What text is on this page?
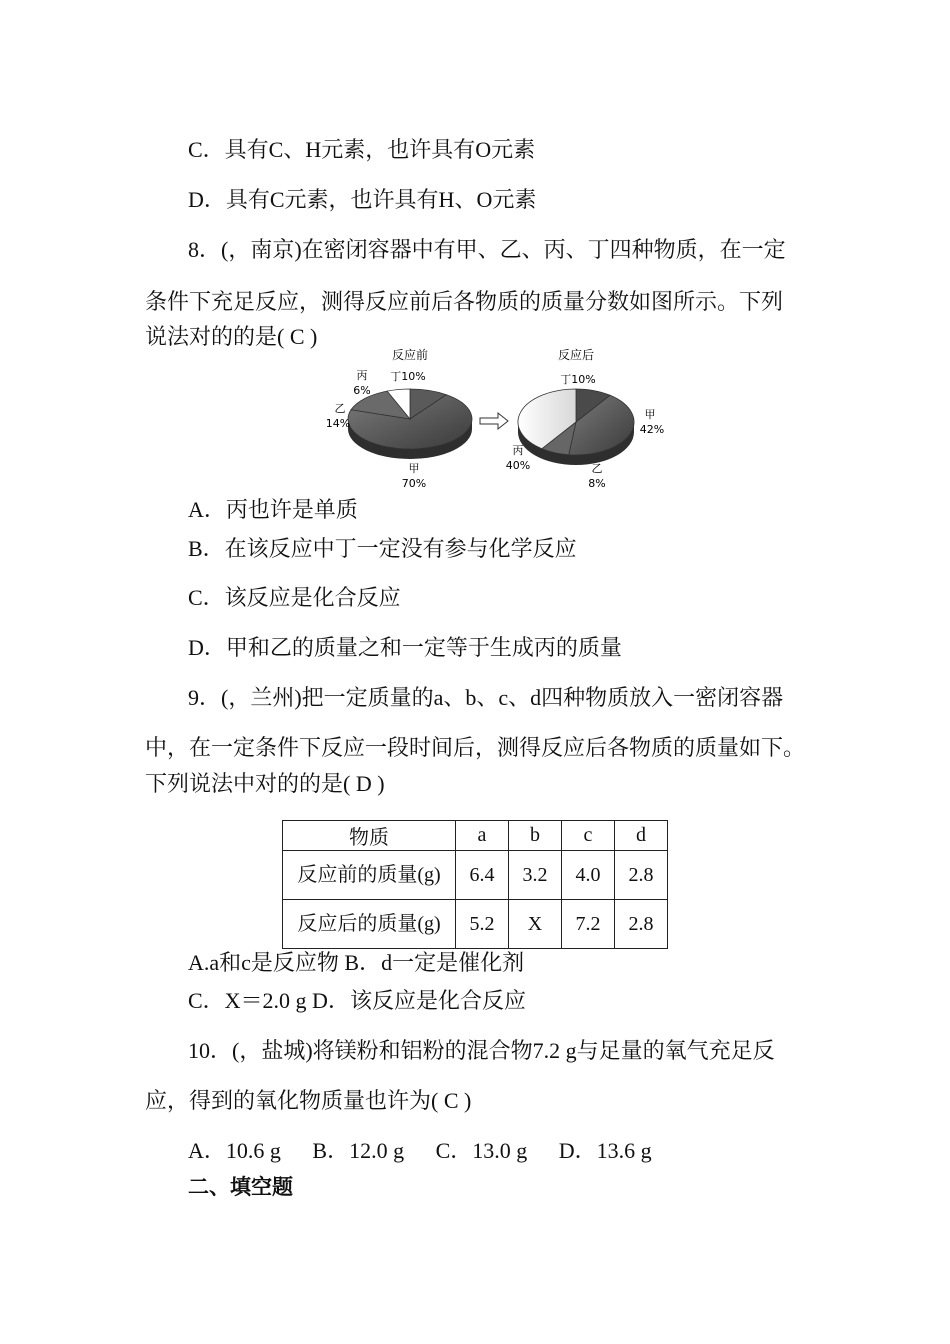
C．具有C、H元素，也许具有O元素
D．具有C元素，也许具有H、O元素
8．(，南京)在密闭容器中有甲、乙、丙、丁四种物质，在一定
条件下充足反应，测得反应前后各物质的质量分数如图所示。下列
说法对的的是( C )
反应前	反应后
丁10%
丙
6%
乙
14%
甲
70%
丁10%
甲
42%
丙
40%	乙
8%
A．丙也许是单质
B．在该反应中丁一定没有参与化学反应
C．该反应是化合反应
D．甲和乙的质量之和一定等于生成丙的质量
9．(，兰州)把一定质量的a、b、c、d四种物质放入一密闭容器
中，在一定条件下反应一段时间后，测得反应后各物质的质量如下。
下列说法中对的的是( D )
物质	a	b	c	d
反应前的质量(g)	6.4	3.2	4.0	2.8
反应后的质量(g)	5.2	X	7.2	2.8
A.a和c是反应物 B．d一定是催化剂
C．X＝2.0 g D．该反应是化合反应
10．(，盐城)将镁粉和铝粉的混合物7.2 g与足量的氧气充足反
应，得到的氧化物质量也许为( C )
A．10.6 g B．12.0 g C．13.0 g D．13.6 g
二、填空题
